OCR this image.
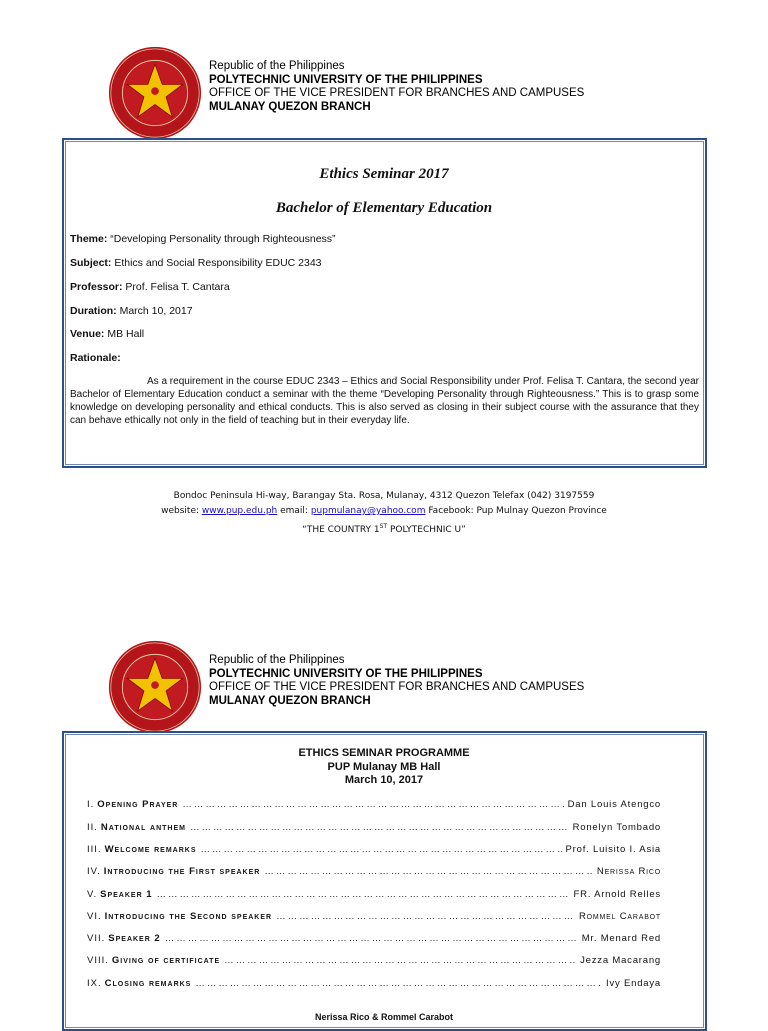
Republic of the Philippines
POLYTECHNIC UNIVERSITY OF THE PHILIPPINES
OFFICE OF THE VICE PRESIDENT FOR BRANCHES AND CAMPUSES
MULANAY QUEZON BRANCH
Ethics Seminar 2017
Bachelor of Elementary Education
Theme: “Developing Personality through Righteousness”
Subject: Ethics and Social Responsibility EDUC 2343
Professor: Prof. Felisa T. Cantara
Duration: March 10, 2017
Venue: MB Hall
Rationale:

As a requirement in the course EDUC 2343 – Ethics and Social Responsibility under Prof. Felisa T. Cantara, the second year Bachelor of Elementary Education conduct a seminar with the theme “Developing Personality through Righteousness.” This is to grasp some knowledge on developing personality and ethical conducts. This is also served as closing in their subject course with the assurance that they can behave ethically not only in the field of teaching but in their everyday life.

Bondoc Peninsula Hi-way, Barangay Sta. Rosa, Mulanay, 4312 Quezon Telefax (042) 3197559
website: www.pup.edu.ph email: pupmulanay@yahoo.com Facebook: Pup Mulnay Quezon Province
“THE COUNTRY 1ST POLYTECHNIC U”
Republic of the Philippines
POLYTECHNIC UNIVERSITY OF THE PHILIPPINES
OFFICE OF THE VICE PRESIDENT FOR BRANCHES AND CAMPUSES
MULANAY QUEZON BRANCH
ETHICS SEMINAR PROGRAMME
PUP Mulanay MB Hall
March 10, 2017
I. Opening Prayer ……………………………………………………………………………………………………………………………………………………………	Dan Louis Atengco
II. National anthem ……………………………………………………………………………………………………………………………………………………………	Ronelyn Tombado
III. Welcome remarks ……………………………………………………………………………………………………………………………………………………………	Prof. Luisito I. Asia
IV. Introducing the First speaker ……………………………………………………………………………………………………………………………………………………………	Nerissa Rico
V. Speaker 1 ……………………………………………………………………………………………………………………………………………………………	FR. Arnold Relles
VI. Introducing the Second speaker ……………………………………………………………………………………………………………………………………………………………	Rommel Carabot
VII. Speaker 2 ……………………………………………………………………………………………………………………………………………………………	Mr. Menard Red
VIII. Giving of certificate ……………………………………………………………………………………………………………………………………………………………	Jezza Macarang
IX. Closing remarks ……………………………………………………………………………………………………………………………………………………………	Ivy Endaya
Nerissa Rico & Rommel Carabot
